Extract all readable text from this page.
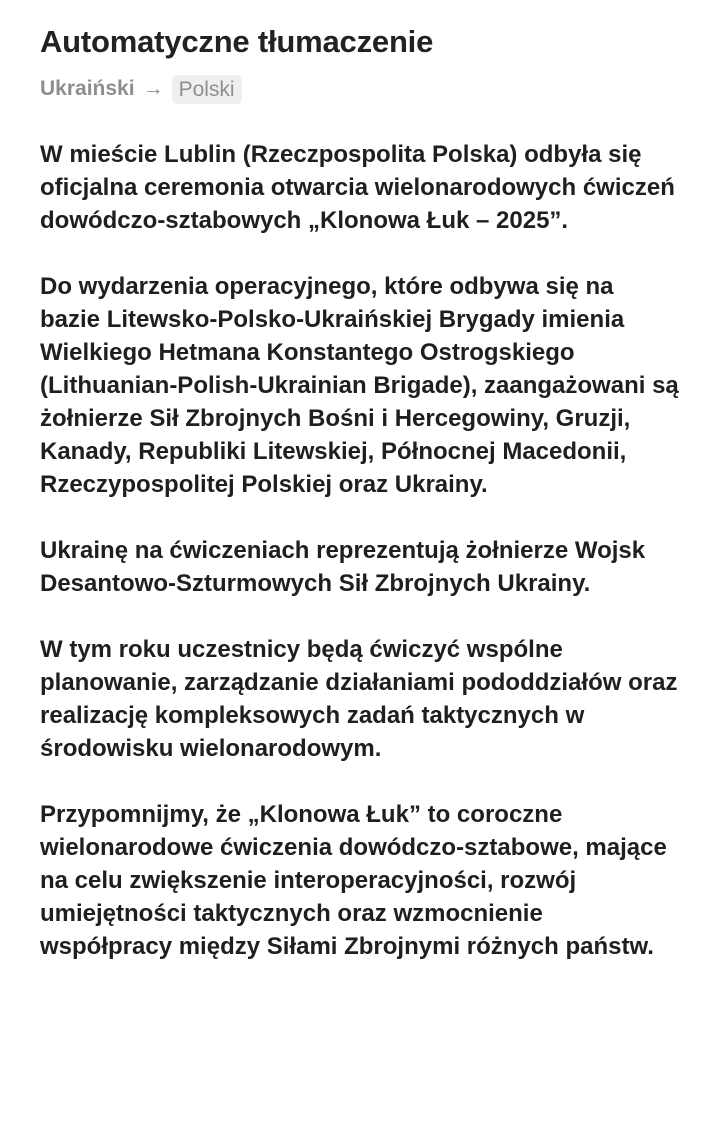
Automatyczne tłumaczenie
Ukraiński → Polski

W mieście Lublin (Rzeczpospolita Polska) odbyła się oficjalna ceremonia otwarcia wielonarodowych ćwiczeń dowódczo-sztabowych „Klonowa Łuk – 2025”.

Do wydarzenia operacyjnego, które odbywa się na bazie Litewsko-Polsko-Ukraińskiej Brygady imienia Wielkiego Hetmana Konstantego Ostrogskiego (Lithuanian-Polish-Ukrainian Brigade), zaangażowani są żołnierze Sił Zbrojnych Bośni i Hercegowiny, Gruzji, Kanady, Republiki Litewskiej, Północnej Macedonii, Rzeczypospolitej Polskiej oraz Ukrainy.

Ukrainę na ćwiczeniach reprezentują żołnierze Wojsk Desantowo-Szturmowych Sił Zbrojnych Ukrainy.

W tym roku uczestnicy będą ćwiczyć wspólne planowanie, zarządzanie działaniami pododdziałów oraz realizację kompleksowych zadań taktycznych w środowisku wielonarodowym.

Przypomnijmy, że „Klonowa Łuk” to coroczne wielonarodowe ćwiczenia dowódczo-sztabowe, mające na celu zwiększenie interoperacyjności, rozwój umiejętności taktycznych oraz wzmocnienie współpracy między Siłami Zbrojnymi różnych państw.
